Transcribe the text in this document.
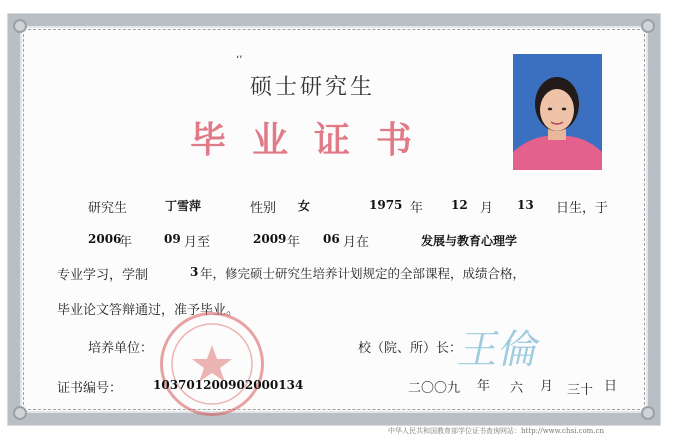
‘’
硕士研究生
毕业证书
研究生	丁雪萍	性别 女	1975 年 12 月 13 日生，于
2006
年	09 月至	2009 年 06 月在	发展与教育心理学
专业学习，学制	3 年，修完硕士研究生培养计划规定的全部课程，成绩合格，
毕业论文答辩通过，准予毕业。
培养单位：	校（院、所）长：
王倫
证书编号：	103701200902000134	二〇〇九 年 六 月 三十 日
中华人民共和国教育部学位证书查询网站：http://www.chsi.com.cn
